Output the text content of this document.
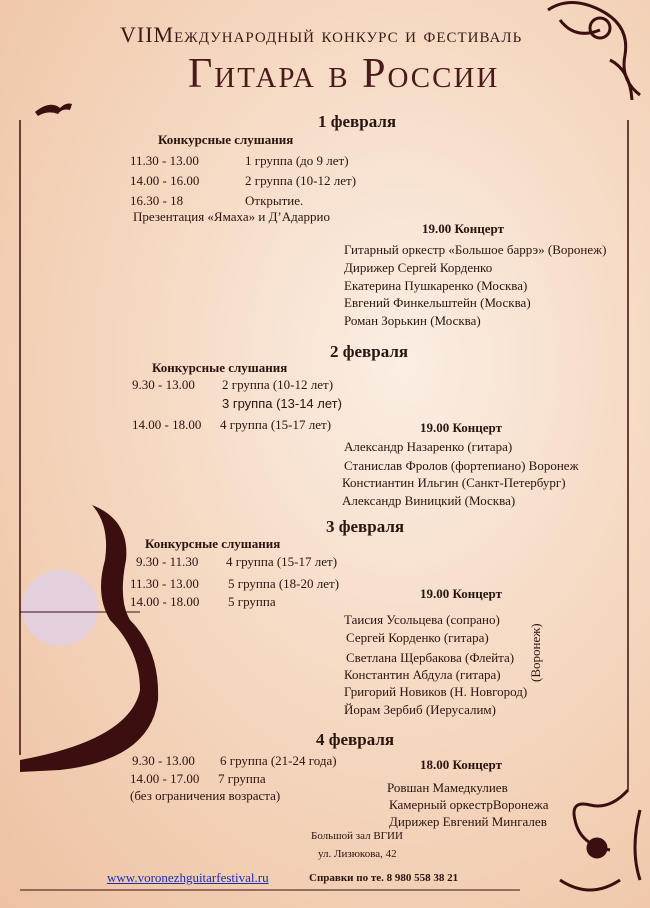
VIIМеждународный конкурс и фестиваль
Гитара в России
1 февраля
Конкурсные слушания
11.30 - 13.00	1 группа (до 9 лет)
14.00 - 16.00	2 группа (10-12 лет)
16.30 - 18	Открытие.
Презентация «Ямаха» и Д’Адаррио
19.00 Концерт
Гитарный оркестр «Большое баррэ» (Воронеж)
Дирижер Сергей Корденко
Екатерина Пушкаренко (Москва)
Евгений Финкельштейн (Москва)
Роман Зорькин (Москва)
2 февраля
Конкурсные слушания
9.30 - 13.00 2 группа (10-12 лет)
3 группа (13-14 лет)
14.00 - 18.00 4 группа (15-17 лет)	19.00 Концерт
Александр Назаренко (гитара)
Станислав Фролов (фортепиано) Воронеж
Констиантин Ильгин (Санкт-Петербург)
Александр Виницкий (Москва)
3 февраля
Конкурсные слушания
9.30 - 11.30 4 группа (15-17 лет)
11.30 - 13.00 5 группа (18-20 лет)
14.00 - 18.00 5 группа
19.00 Концерт
Таисия Усольцева (сопрано)
Сергей Корденко (гитара)
Светлана Щербакова (Флейта)
Константин Абдула (гитара)
Григорий Новиков (Н. Новгород)
Йорам Зербиб (Иерусалим)
(Воронеж)
4 февраля
9.30 - 13.00 6 группа (21-24 года)
14.00 - 17.00 7 группа
(без ограничения возраста)
18.00 Концерт
Ровшан Мамедкулиев
Камерный оркестрВоронежа
Дирижер Евгений Мингалев
Большой зал ВГИИ
ул. Лизюкова, 42
www.voronezhguitarfestival.ru	Справки по те. 8 980 558 38 21
